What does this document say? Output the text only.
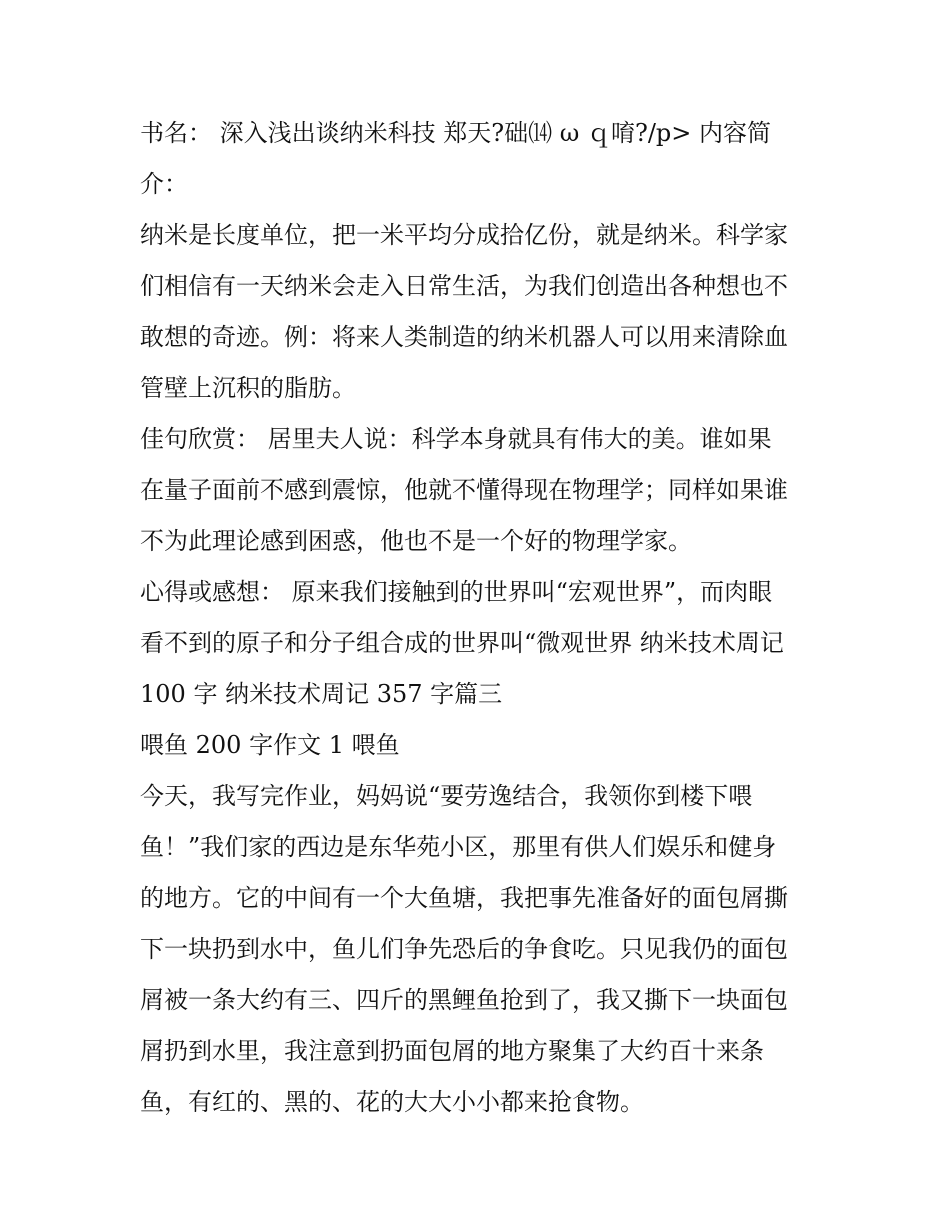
书名： 深入浅出谈纳米科技 郑天?础⒁ ω ｑ唷?/p> 内容简
介：
纳米是长度单位，把一米平均分成拾亿份，就是纳米。科学家
们相信有一天纳米会走入日常生活，为我们创造出各种想也不
敢想的奇迹。例：将来人类制造的纳米机器人可以用来清除血
管壁上沉积的脂肪。
佳句欣赏： 居里夫人说：科学本身就具有伟大的美。谁如果
在量子面前不感到震惊，他就不懂得现在物理学；同样如果谁
不为此理论感到困惑，他也不是一个好的物理学家。
心得或感想： 原来我们接触到的世界叫“宏观世界”，而肉眼
看不到的原子和分子组合成的世界叫“微观世界 纳米技术周记
100 字 纳米技术周记 357 字篇三
喂鱼 200 字作文 1 喂鱼
今天，我写完作业，妈妈说“要劳逸结合，我领你到楼下喂
鱼！”我们家的西边是东华苑小区，那里有供人们娱乐和健身
的地方。它的中间有一个大鱼塘，我把事先准备好的面包屑撕
下一块扔到水中，鱼儿们争先恐后的争食吃。只见我仍的面包
屑被一条大约有三、四斤的黑鲤鱼抢到了，我又撕下一块面包
屑扔到水里，我注意到扔面包屑的地方聚集了大约百十来条
鱼，有红的、黑的、花的大大小小都来抢食物。
